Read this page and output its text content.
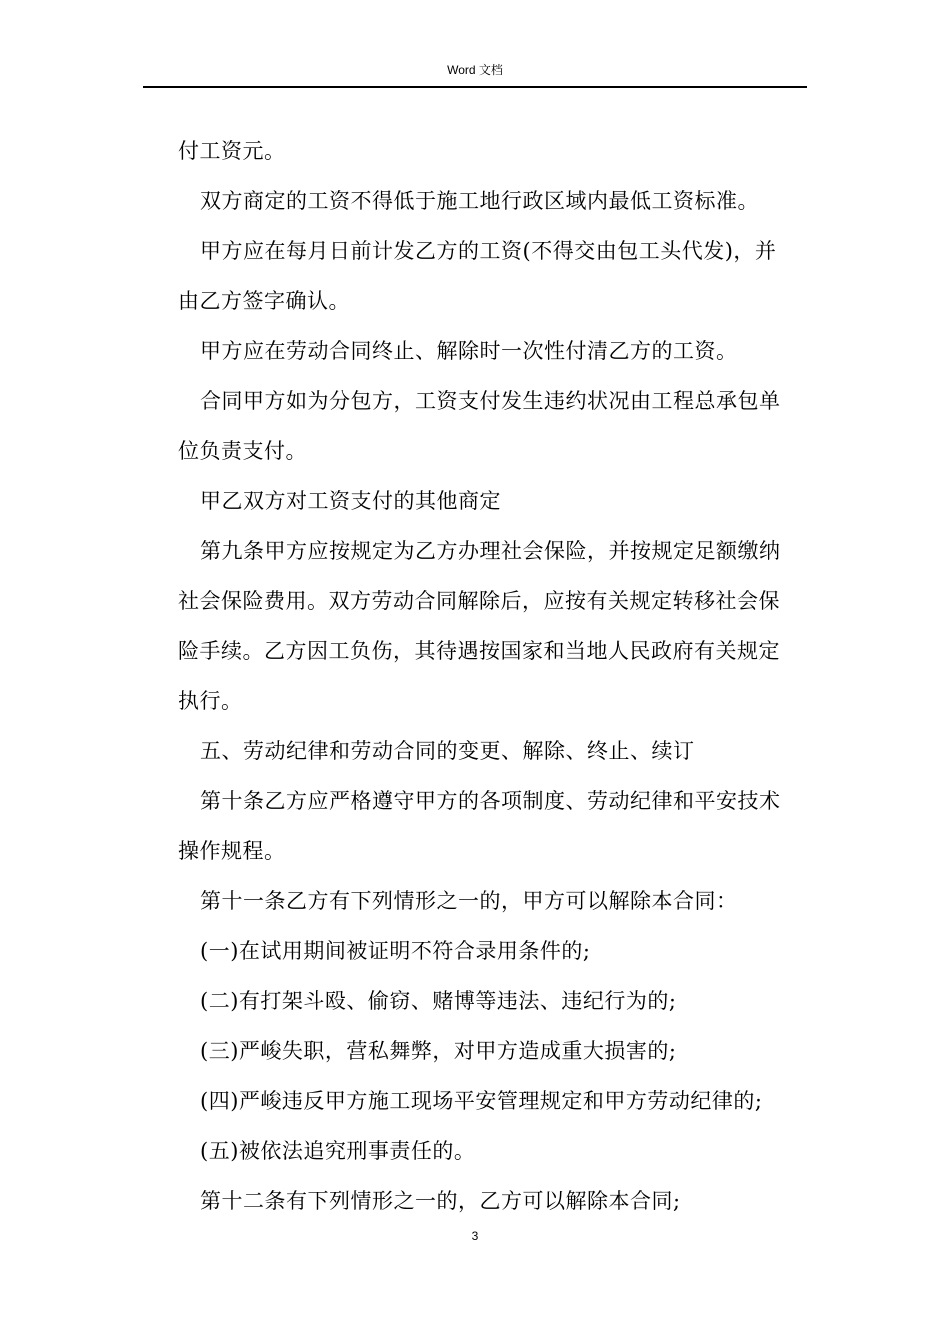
Word 文档
付工资元。
双方商定的工资不得低于施工地行政区域内最低工资标准。
甲方应在每月日前计发乙方的工资(不得交由包工头代发)，并
由乙方签字确认。
甲方应在劳动合同终止、解除时一次性付清乙方的工资。
合同甲方如为分包方，工资支付发生违约状况由工程总承包单
位负责支付。
甲乙双方对工资支付的其他商定
第九条甲方应按规定为乙方办理社会保险，并按规定足额缴纳
社会保险费用。双方劳动合同解除后，应按有关规定转移社会保
险手续。乙方因工负伤，其待遇按国家和当地人民政府有关规定
执行。
五、劳动纪律和劳动合同的变更、解除、终止、续订
第十条乙方应严格遵守甲方的各项制度、劳动纪律和平安技术
操作规程。
第十一条乙方有下列情形之一的，甲方可以解除本合同：
(一)在试用期间被证明不符合录用条件的;
(二)有打架斗殴、偷窃、赌博等违法、违纪行为的;
(三)严峻失职，营私舞弊，对甲方造成重大损害的;
(四)严峻违反甲方施工现场平安管理规定和甲方劳动纪律的;
(五)被依法追究刑事责任的。
第十二条有下列情形之一的，乙方可以解除本合同;
3
